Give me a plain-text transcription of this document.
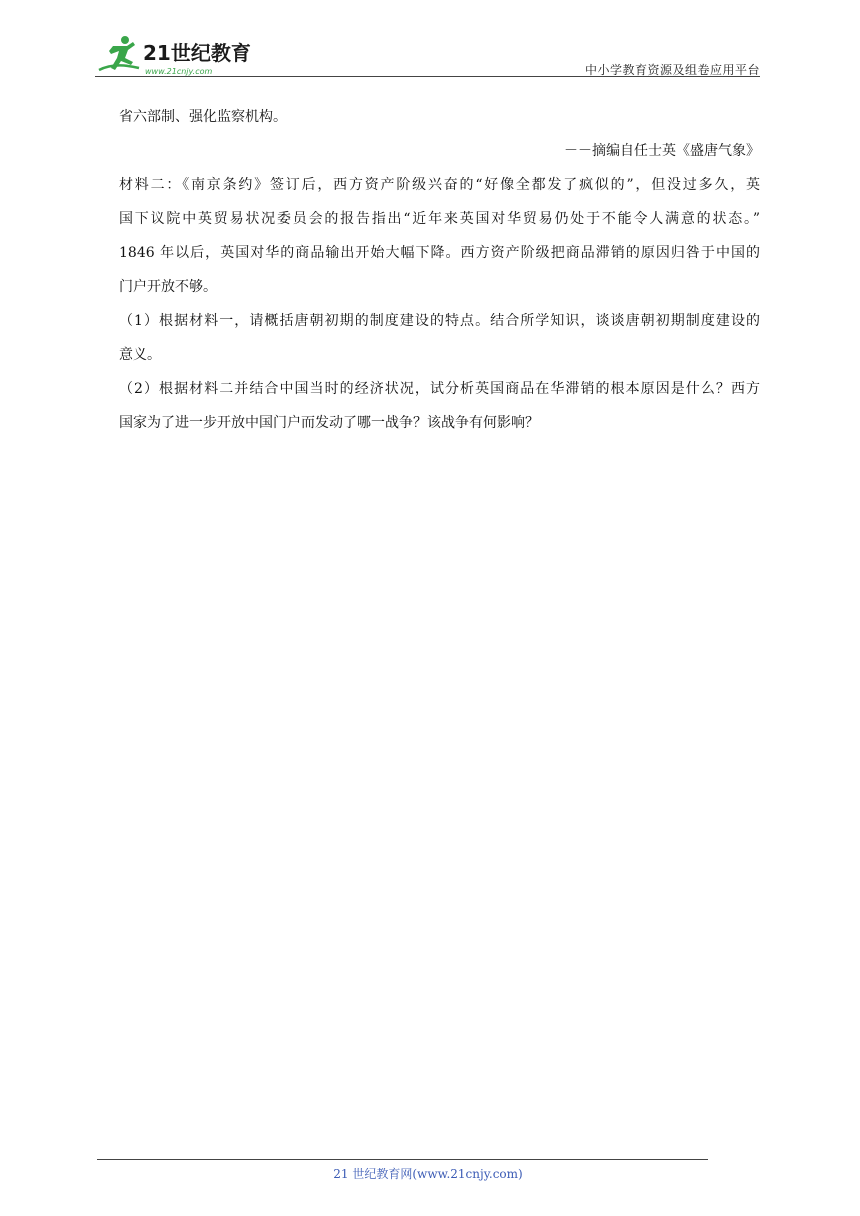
21世纪教育
www.21cnjy.com	中小学教育资源及组卷应用平台

省六部制、强化监察机构。

－－摘编自任士英《盛唐气象》

材料二：《南京条约》签订后，西方资产阶级兴奋的“好像全都发了疯似的”，但没过多久，英

国下议院中英贸易状况委员会的报告指出“近年来英国对华贸易仍处于不能令人满意的状态。”

1846 年以后，英国对华的商品输出开始大幅下降。西方资产阶级把商品滞销的原因归咎于中国的

门户开放不够。

（1）根据材料一，请概括唐朝初期的制度建设的特点。结合所学知识，谈谈唐朝初期制度建设的

意义。

（2）根据材料二并结合中国当时的经济状况，试分析英国商品在华滞销的根本原因是什么？西方

国家为了进一步开放中国门户而发动了哪一战争？该战争有何影响？

21 世纪教育网(www.21cnjy.com)
